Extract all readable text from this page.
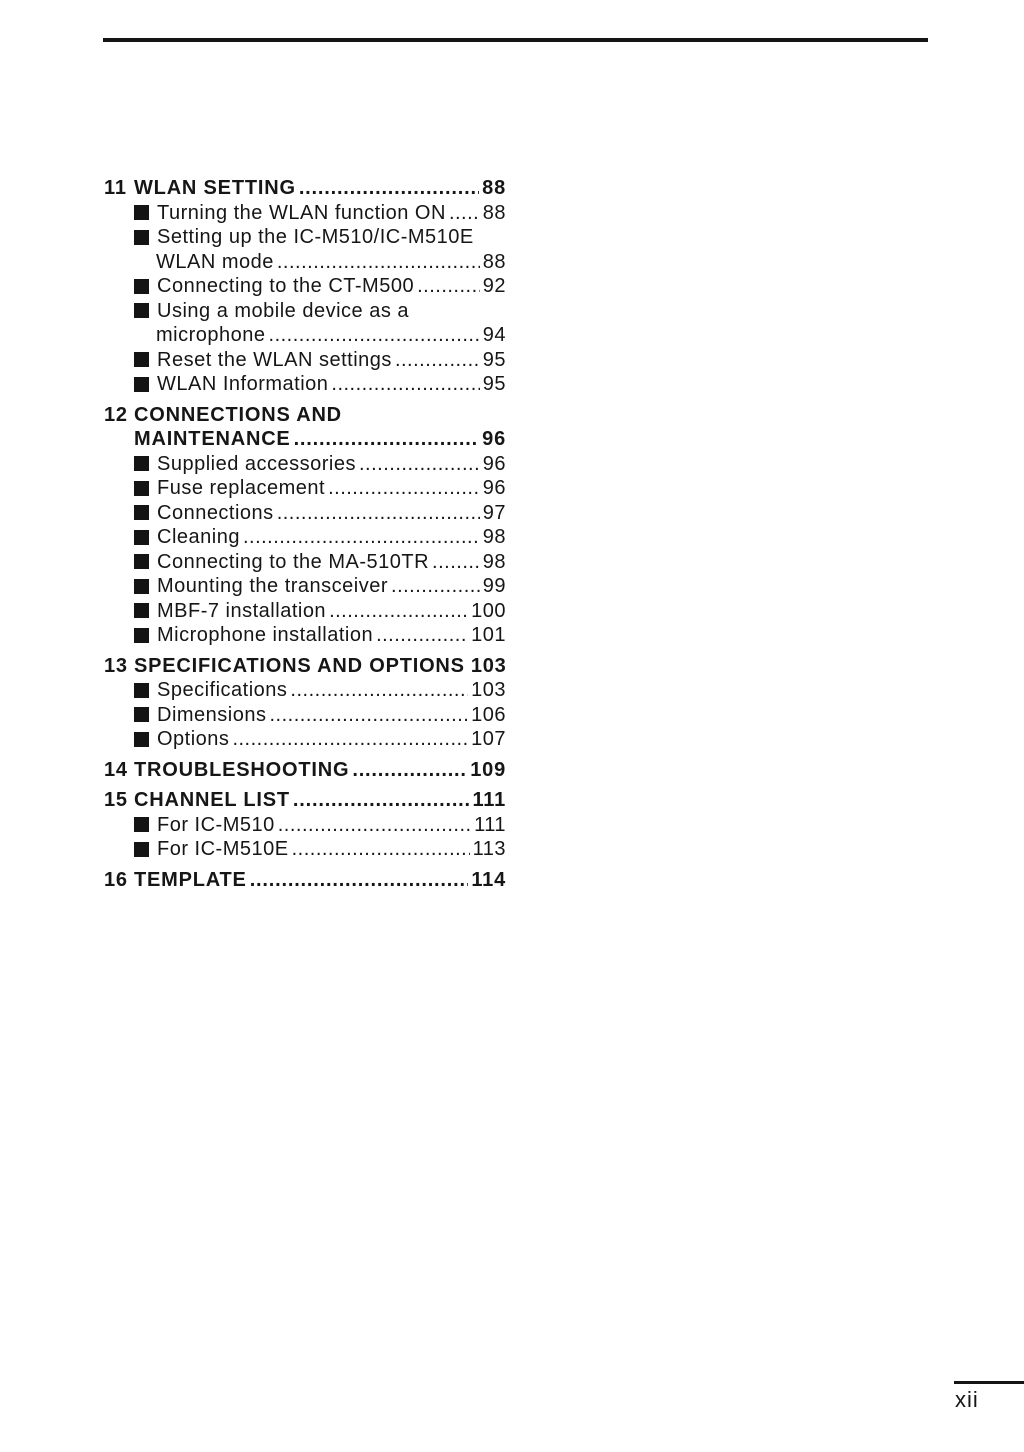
11 WLAN SETTING .....	88
Turning the WLAN function ON ..... 88
Setting up the IC-M510/IC-M510E
WLAN mode .....	88
Connecting to the CT-M500 .....	92
Using a mobile device as a
microphone .....	94
Reset the WLAN settings .....	95
WLAN Information .....	95
12 CONNECTIONS AND
MAINTENANCE .....	96
Supplied accessories .....	96
Fuse replacement .....	96
Connections .....	97
Cleaning .....	98
Connecting to the MA-510TR .....	98
Mounting the transceiver .....	99
MBF-7 installation .....	100
Microphone installation .....	101
13 SPECIFICATIONS AND OPTIONS 103
Specifications .....	103
Dimensions .....	106
Options .....	107
14 TROUBLESHOOTING .....	109
15 CHANNEL LIST .....	111
For IC-M510 .....	111
For IC-M510E .....	113
16 TEMPLATE .....	114
xii
